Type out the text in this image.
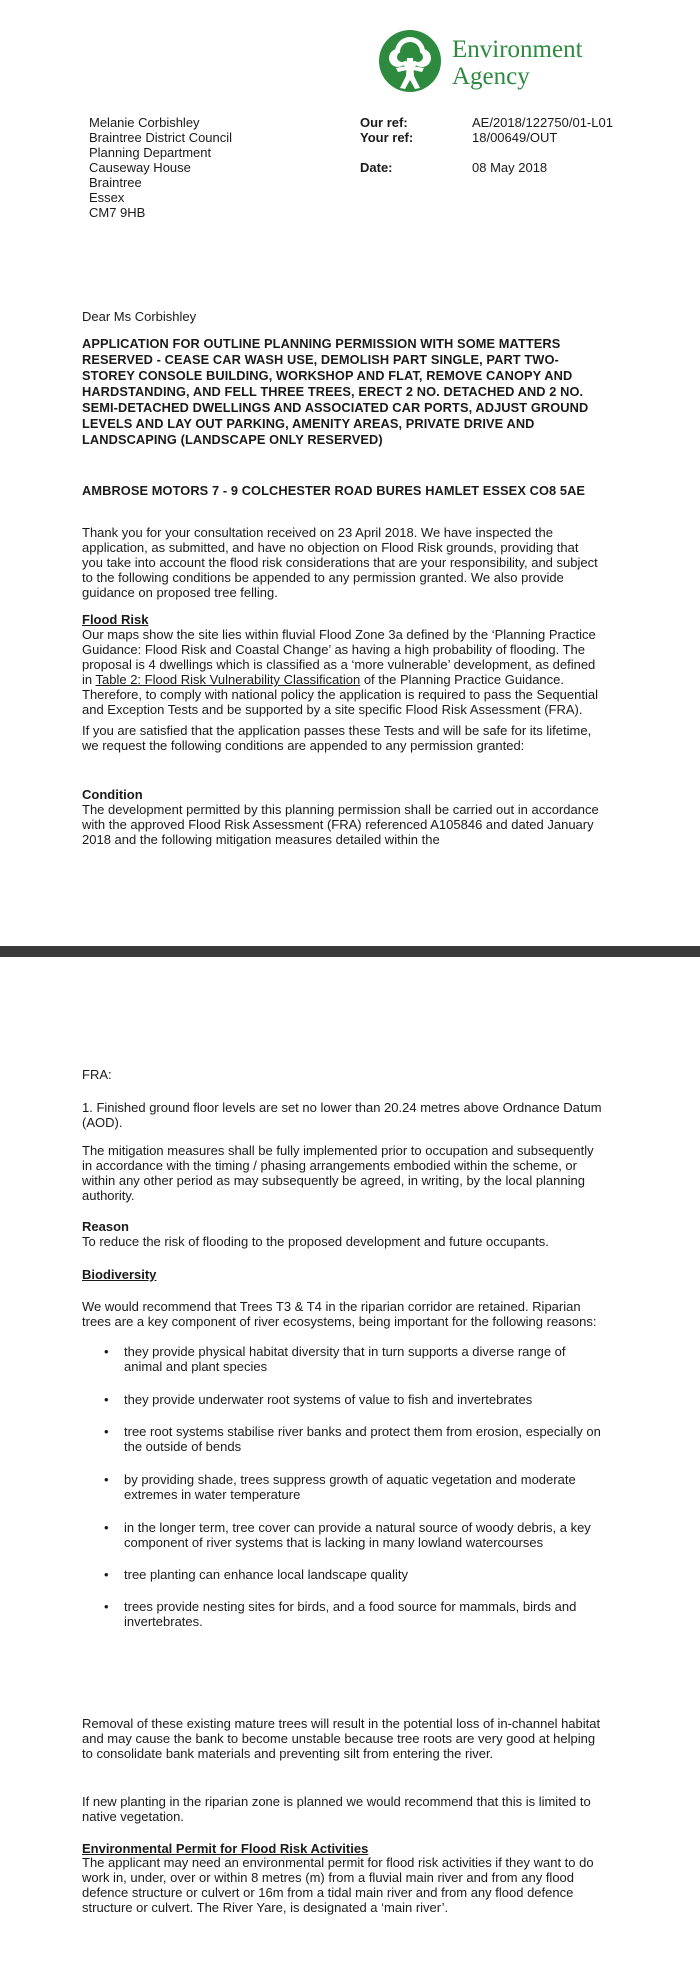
Environment
Agency
Melanie Corbishley
Braintree District Council
Planning Department
Causeway House
Braintree
Essex
CM7 9HB
Our ref:	AE/2018/122750/01-L01
Your ref:	18/00649/OUT

Date:	08 May 2018

Dear Ms Corbishley

APPLICATION FOR OUTLINE PLANNING PERMISSION WITH SOME MATTERS RESERVED - CEASE CAR WASH USE, DEMOLISH PART SINGLE, PART TWO-STOREY CONSOLE BUILDING, WORKSHOP AND FLAT, REMOVE CANOPY AND HARDSTANDING, AND FELL THREE TREES, ERECT 2 NO. DETACHED AND 2 NO. SEMI-DETACHED DWELLINGS AND ASSOCIATED CAR PORTS, ADJUST GROUND LEVELS AND LAY OUT PARKING, AMENITY AREAS, PRIVATE DRIVE AND LANDSCAPING (LANDSCAPE ONLY RESERVED)

AMBROSE MOTORS 7 - 9 COLCHESTER ROAD BURES HAMLET ESSEX CO8 5AE

Thank you for your consultation received on 23 April 2018. We have inspected the application, as submitted, and have no objection on Flood Risk grounds, providing that you take into account the flood risk considerations that are your responsibility, and subject to the following conditions be appended to any permission granted. We also provide guidance on proposed tree felling.

Flood Risk

Our maps show the site lies within fluvial Flood Zone 3a defined by the ‘Planning Practice Guidance: Flood Risk and Coastal Change’ as having a high probability of flooding. The proposal is 4 dwellings which is classified as a ‘more vulnerable’ development, as defined in Table 2: Flood Risk Vulnerability Classification of the Planning Practice Guidance. Therefore, to comply with national policy the application is required to pass the Sequential and Exception Tests and be supported by a site specific Flood Risk Assessment (FRA).

If you are satisfied that the application passes these Tests and will be safe for its lifetime, we request the following conditions are appended to any permission granted:

Condition

The development permitted by this planning permission shall be carried out in accordance with the approved Flood Risk Assessment (FRA) referenced A105846 and dated January 2018 and the following mitigation measures detailed within the

FRA:

1. Finished ground floor levels are set no lower than 20.24 metres above Ordnance Datum (AOD).

The mitigation measures shall be fully implemented prior to occupation and subsequently in accordance with the timing / phasing arrangements embodied within the scheme, or within any other period as may subsequently be agreed, in writing, by the local planning authority.

Reason

To reduce the risk of flooding to the proposed development and future occupants.

Biodiversity

We would recommend that Trees T3 & T4 in the riparian corridor are retained. Riparian trees are a key component of river ecosystems, being important for the following reasons:

• they provide physical habitat diversity that in turn supports a diverse range of animal and plant species
• they provide underwater root systems of value to fish and invertebrates
• tree root systems stabilise river banks and protect them from erosion, especially on the outside of bends
• by providing shade, trees suppress growth of aquatic vegetation and moderate extremes in water temperature
• in the longer term, tree cover can provide a natural source of woody debris, a key component of river systems that is lacking in many lowland watercourses
• tree planting can enhance local landscape quality
• trees provide nesting sites for birds, and a food source for mammals, birds and invertebrates.

Removal of these existing mature trees will result in the potential loss of in-channel habitat and may cause the bank to become unstable because tree roots are very good at helping to consolidate bank materials and preventing silt from entering the river.

If new planting in the riparian zone is planned we would recommend that this is limited to native vegetation.

Environmental Permit for Flood Risk Activities

The applicant may need an environmental permit for flood risk activities if they want to do work in, under, over or within 8 metres (m) from a fluvial main river and from any flood defence structure or culvert or 16m from a tidal main river and from any flood defence structure or culvert. The River Yare, is designated a ‘main river’.
